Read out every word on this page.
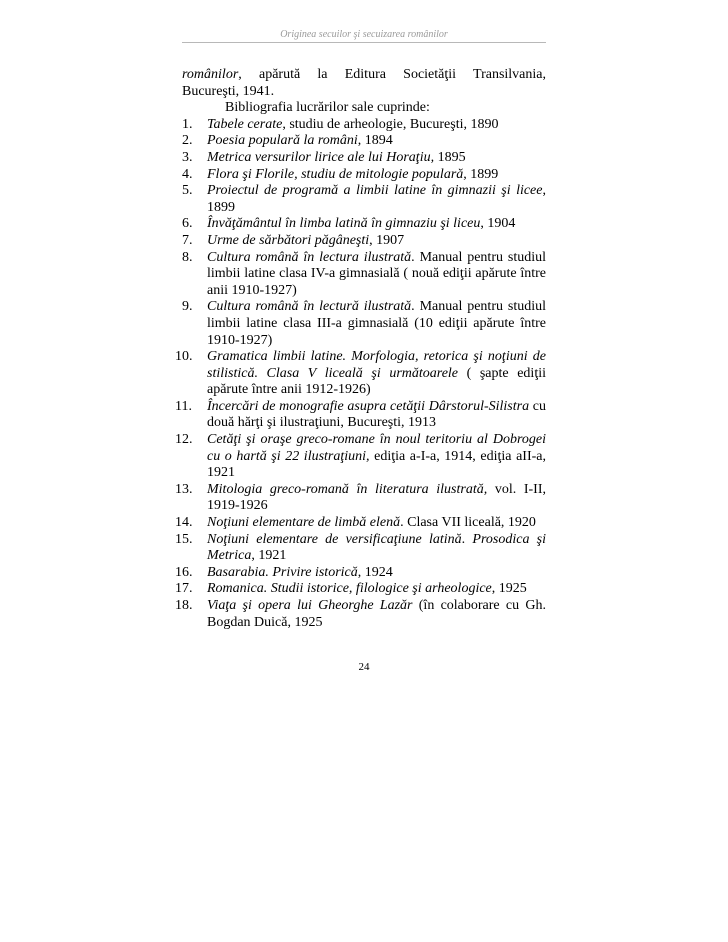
Originea secuilor şi secuizarea românilor

românilor, apărută la Editura Societăţii Transilvania,
Bucureşti, 1941.

Bibliografia lucrărilor sale cuprinde:

1. Tabele cerate, studiu de arheologie, Bucureşti, 1890
2. Poesia populară la români, 1894
3. Metrica versurilor lirice ale lui Horaţiu, 1895
4. Flora şi Florile, studiu de mitologie populară, 1899
5. Proiectul de programă a limbii latine în gimnazii şi licee, 1899
6. Învăţământul în limba latină în gimnaziu şi liceu, 1904
7. Urme de sărbători păgâneşti, 1907
8. Cultura română în lectura ilustrată. Manual pentru studiul limbii latine clasa IV-a gimnasială ( nouă ediţii apărute între anii 1910-1927)
9. Cultura română în lectură ilustrată. Manual pentru studiul limbii latine clasa III-a gimnasială (10 ediţii apărute între 1910-1927)
10. Gramatica limbii latine. Morfologia, retorica şi noţiuni de stilistică. Clasa V liceală şi următoarele ( şapte ediţii apărute între anii 1912-1926)
11. Încercări de monografie asupra cetăţii Dârstorul-Silistra cu două hărţi şi ilustraţiuni, Bucureşti, 1913
12. Cetăţi şi oraşe greco-romane în noul teritoriu al Dobrogei cu o hartă şi 22 ilustraţiuni, ediţia a-I-a, 1914, ediţia aII-a, 1921
13. Mitologia greco-romană în literatura ilustrată, vol. I-II, 1919-1926
14. Noţiuni elementare de limbă elenă. Clasa VII liceală, 1920
15. Noţiuni elementare de versificaţiune latină. Prosodica şi Metrica, 1921
16. Basarabia. Privire istorică, 1924
17. Romanica. Studii istorice, filologice şi arheologice, 1925
18. Viaţa şi opera lui Gheorghe Lazăr (în colaborare cu Gh. Bogdan Duică, 1925
24
